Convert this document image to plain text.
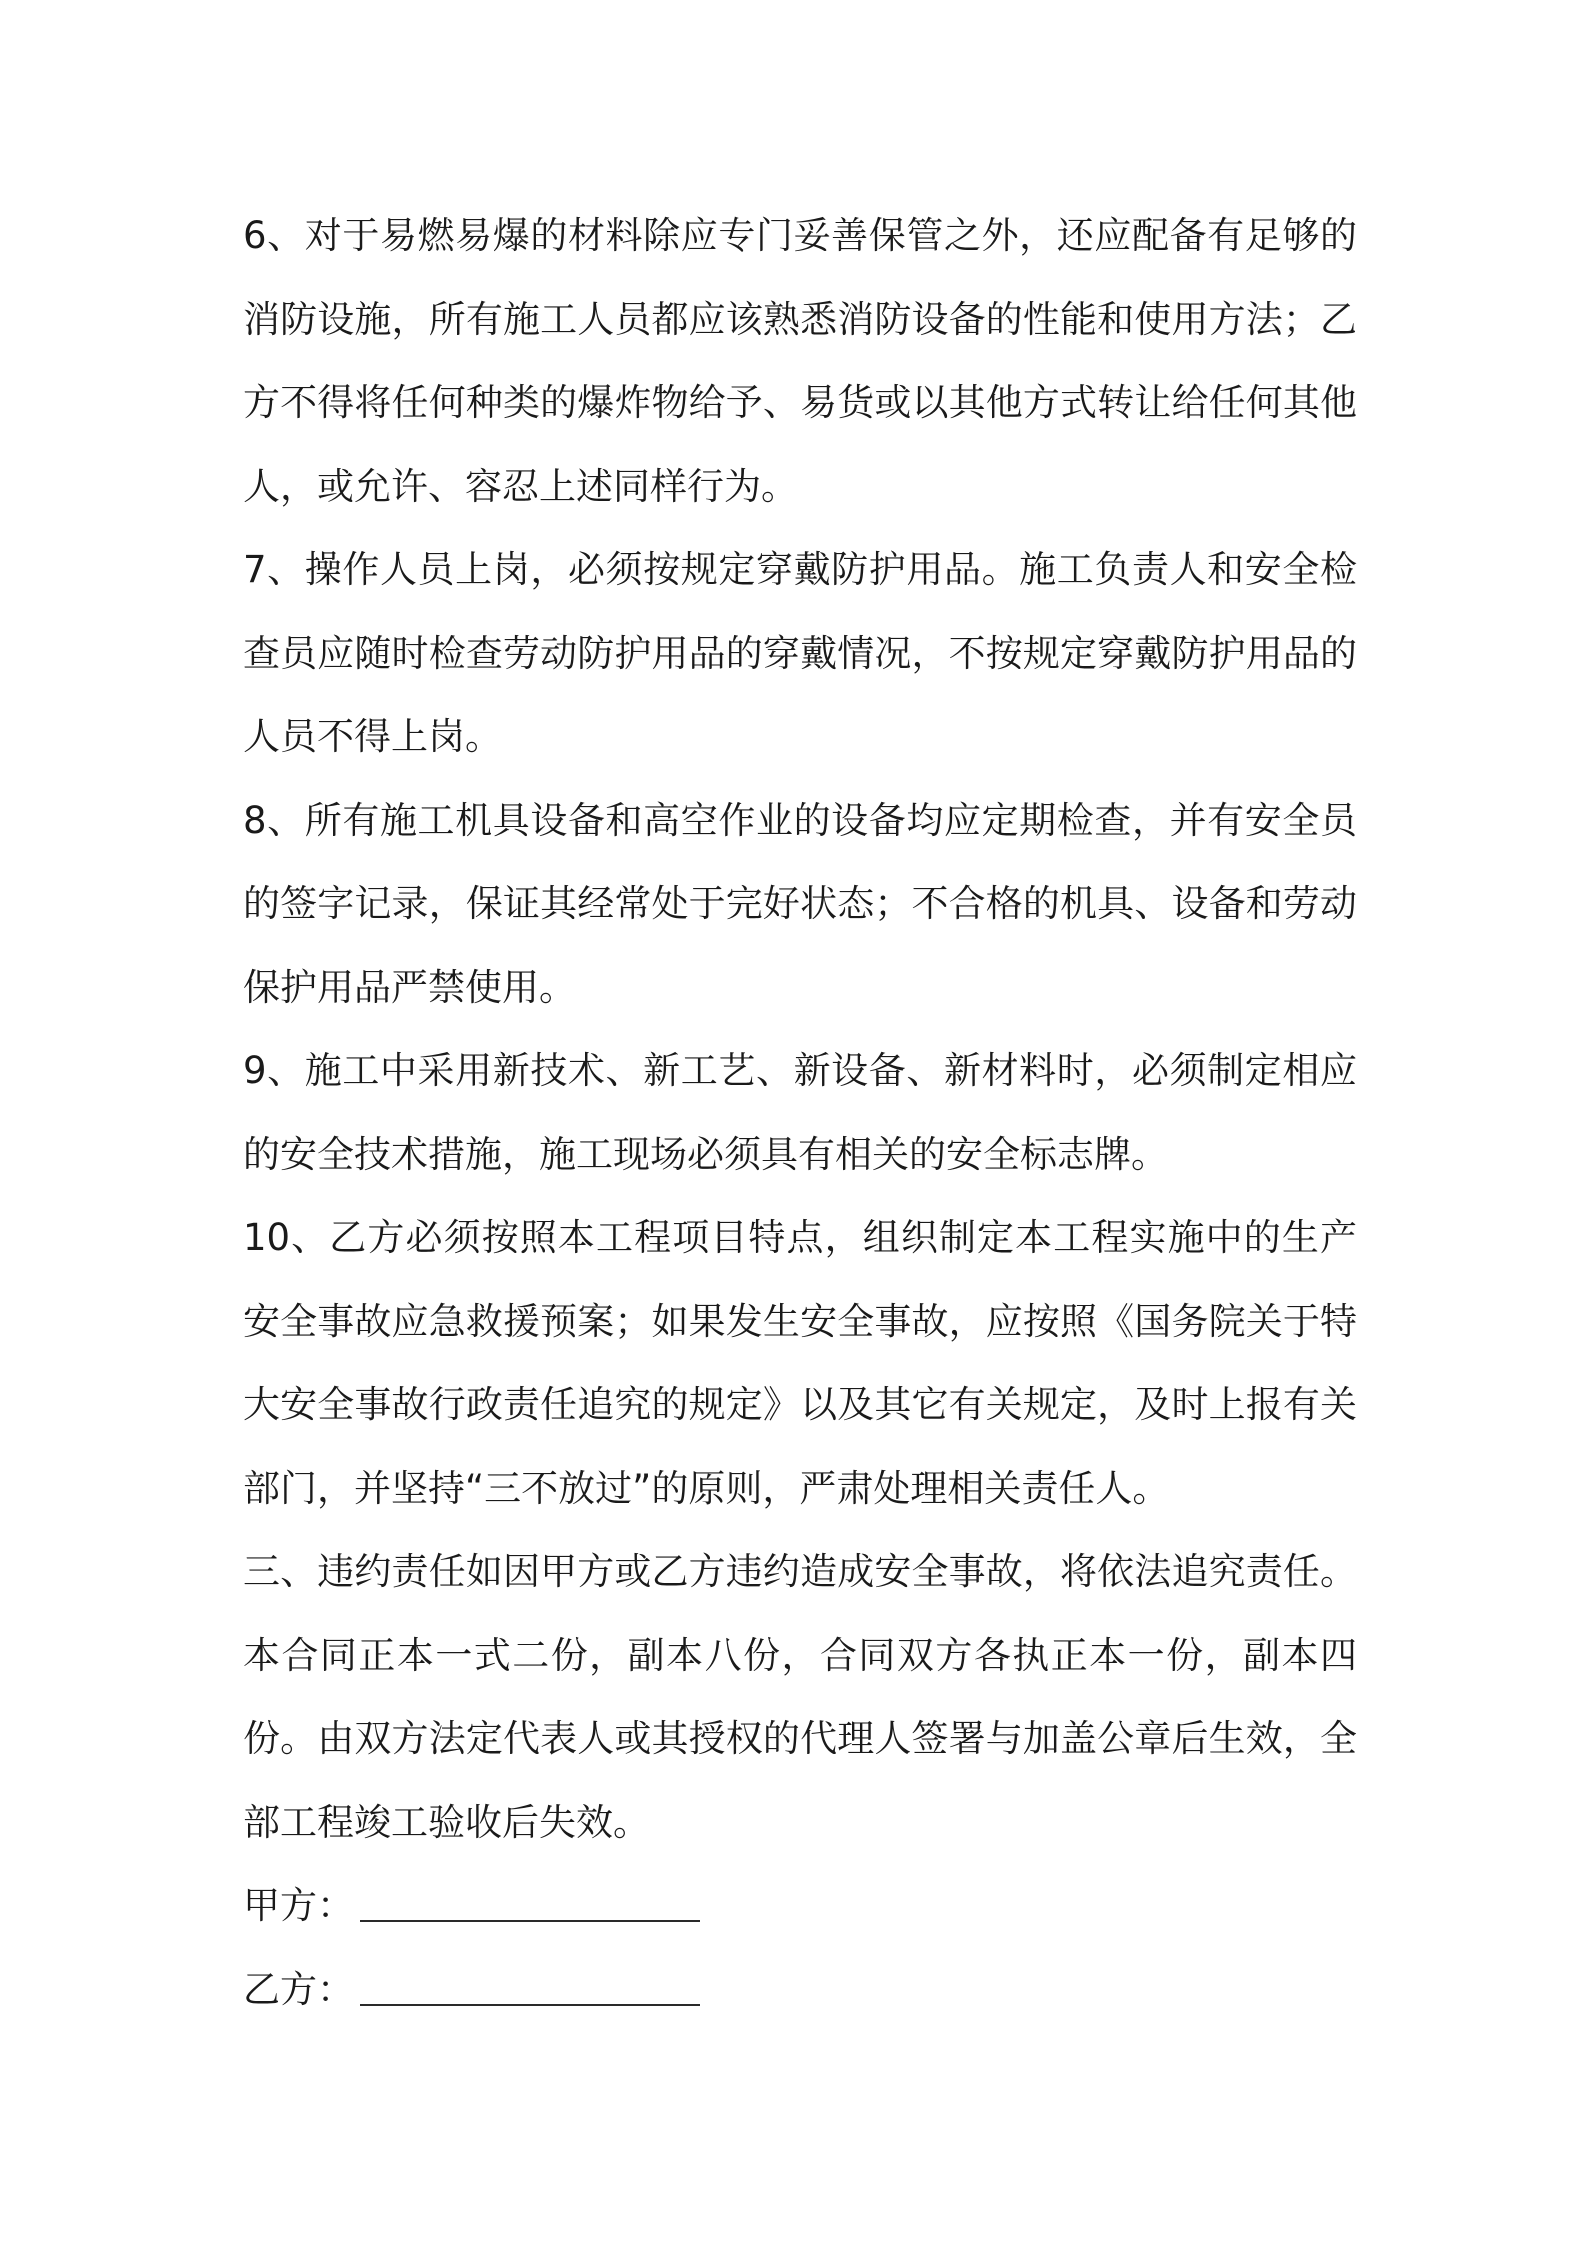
6、对于易燃易爆的材料除应专门妥善保管之外，还应配备有足够的消防设施，所有施工人员都应该熟悉消防设备的性能和使用方法；乙方不得将任何种类的爆炸物给予、易货或以其他方式转让给任何其他人，或允许、容忍上述同样行为。

7、操作人员上岗，必须按规定穿戴防护用品。施工负责人和安全检查员应随时检查劳动防护用品的穿戴情况，不按规定穿戴防护用品的人员不得上岗。

8、所有施工机具设备和高空作业的设备均应定期检查，并有安全员的签字记录，保证其经常处于完好状态；不合格的机具、设备和劳动保护用品严禁使用。

9、施工中采用新技术、新工艺、新设备、新材料时，必须制定相应的安全技术措施，施工现场必须具有相关的安全标志牌。

10、乙方必须按照本工程项目特点，组织制定本工程实施中的生产安全事故应急救援预案；如果发生安全事故，应按照《国务院关于特大安全事故行政责任追究的规定》以及其它有关规定，及时上报有关部门，并坚持“三不放过”的原则，严肃处理相关责任人。

三、违约责任如因甲方或乙方违约造成安全事故，将依法追究责任。本合同正本一式二份，副本八份，合同双方各执正本一份，副本四份。由双方法定代表人或其授权的代理人签署与加盖公章后生效，全部工程竣工验收后失效。

甲方：

乙方：
